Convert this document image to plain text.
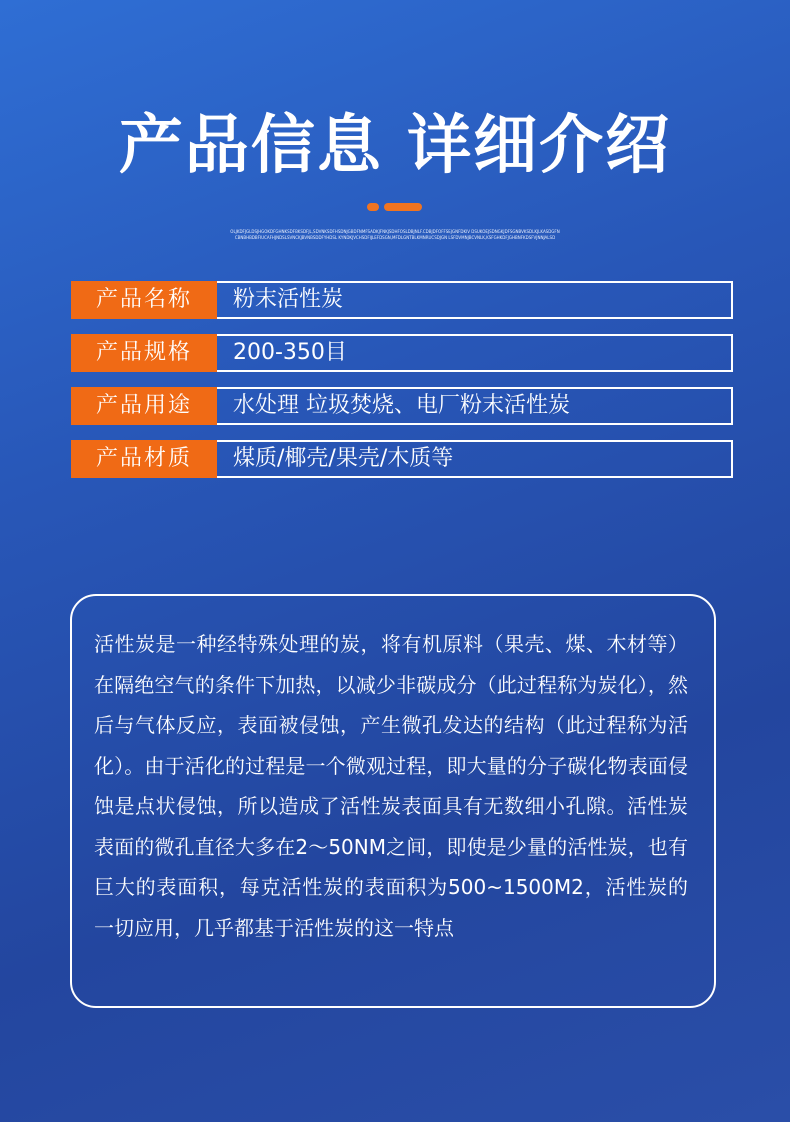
产品信息 详细介绍
OLJKDFJGLDSJHGOKDFGHNKSDFBKSDFJL,SDVNKSDFHSDNJGBDFNMFSADKJFNKJSDHFOSLDBJNLF.CDBJDFOFFSEJGNFDKIV DSUKOEJSDNGKJDFSGNBVKSDLKJLKASDGFNCBNBHBDBFIUCAFHJNDSLSVNCKJBVNBSDDFYHDSL KYNDKJVCHSDFIJLEFDSGN,MFDLGNTBLKMNRUCSDJGN LSFDVMNJBCVNLK,KSFGHKDFJGHBNFKDSFVJNNJALSD
产品名称	粉末活性炭
产品规格	200-350目
产品用途	水处理 垃圾焚烧、电厂粉末活性炭
产品材质	煤质/椰壳/果壳/木质等
活性炭是一种经特殊处理的炭，将有机原料（果壳、煤、木材等）在隔绝空气的条件下加热，以减少非碳成分（此过程称为炭化），然后与气体反应，表面被侵蚀，产生微孔发达的结构（此过程称为活化）。由于活化的过程是一个微观过程，即大量的分子碳化物表面侵蚀是点状侵蚀，所以造成了活性炭表面具有无数细小孔隙。活性炭表面的微孔直径大多在2～50NM之间，即使是少量的活性炭，也有巨大的表面积，每克活性炭的表面积为500~1500M2，活性炭的一切应用，几乎都基于活性炭的这一特点
